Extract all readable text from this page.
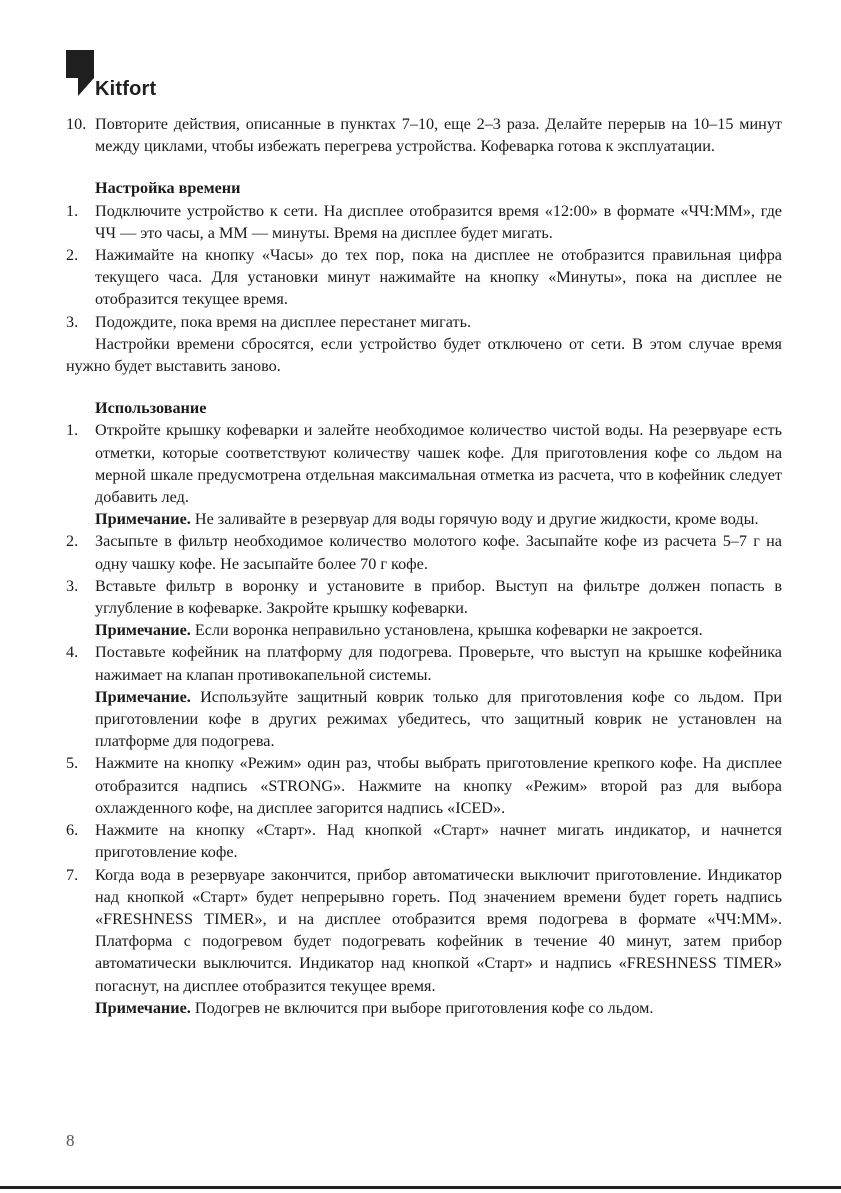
Kitfort
10. Повторите действия, описанные в пунктах 7–10, еще 2–3 раза. Делайте перерыв на 10–15 минут между циклами, чтобы избежать перегрева устройства. Кофеварка готова к эксплуатации.
Настройка времени
1. Подключите устройство к сети. На дисплее отобразится время «12:00» в формате «ЧЧ:ММ», где ЧЧ — это часы, а ММ — минуты. Время на дисплее будет мигать.
2. Нажимайте на кнопку «Часы» до тех пор, пока на дисплее не отобразится правильная цифра текущего часа. Для установки минут нажимайте на кнопку «Минуты», пока на дисплее не отобразится текущее время.
3. Подождите, пока время на дисплее перестанет мигать.
Настройки времени сбросятся, если устройство будет отключено от сети. В этом случае время нужно будет выставить заново.
Использование
1. Откройте крышку кофеварки и залейте необходимое количество чистой воды. На резервуаре есть отметки, которые соответствуют количеству чашек кофе. Для приготовления кофе со льдом на мерной шкале предусмотрена отдельная максимальная отметка из расчета, что в кофейник следует добавить лед.
Примечание. Не заливайте в резервуар для воды горячую воду и другие жидкости, кроме воды.
2. Засыпьте в фильтр необходимое количество молотого кофе. Засыпайте кофе из расчета 5–7 г на одну чашку кофе. Не засыпайте более 70 г кофе.
3. Вставьте фильтр в воронку и установите в прибор. Выступ на фильтре должен попасть в углубление в кофеварке. Закройте крышку кофеварки.
Примечание. Если воронка неправильно установлена, крышка кофеварки не закроется.
4. Поставьте кофейник на платформу для подогрева. Проверьте, что выступ на крышке кофейника нажимает на клапан противокапельной системы.
Примечание. Используйте защитный коврик только для приготовления кофе со льдом. При приготовлении кофе в других режимах убедитесь, что защитный коврик не установлен на платформе для подогрева.
5. Нажмите на кнопку «Режим» один раз, чтобы выбрать приготовление крепкого кофе. На дисплее отобразится надпись «STRONG». Нажмите на кнопку «Режим» второй раз для выбора охлажденного кофе, на дисплее загорится надпись «ICED».
6. Нажмите на кнопку «Старт». Над кнопкой «Старт» начнет мигать индикатор, и начнется приготовление кофе.
7. Когда вода в резервуаре закончится, прибор автоматически выключит приготовление. Индикатор над кнопкой «Старт» будет непрерывно гореть. Под значением времени будет гореть надпись «FRESHNESS TIMER», и на дисплее отобразится время подогрева в формате «ЧЧ:ММ». Платформа с подогревом будет подогревать кофейник в течение 40 минут, затем прибор автоматически выключится. Индикатор над кнопкой «Старт» и надпись «FRESHNESS TIMER» погаснут, на дисплее отобразится текущее время.
Примечание. Подогрев не включится при выборе приготовления кофе со льдом.
8
